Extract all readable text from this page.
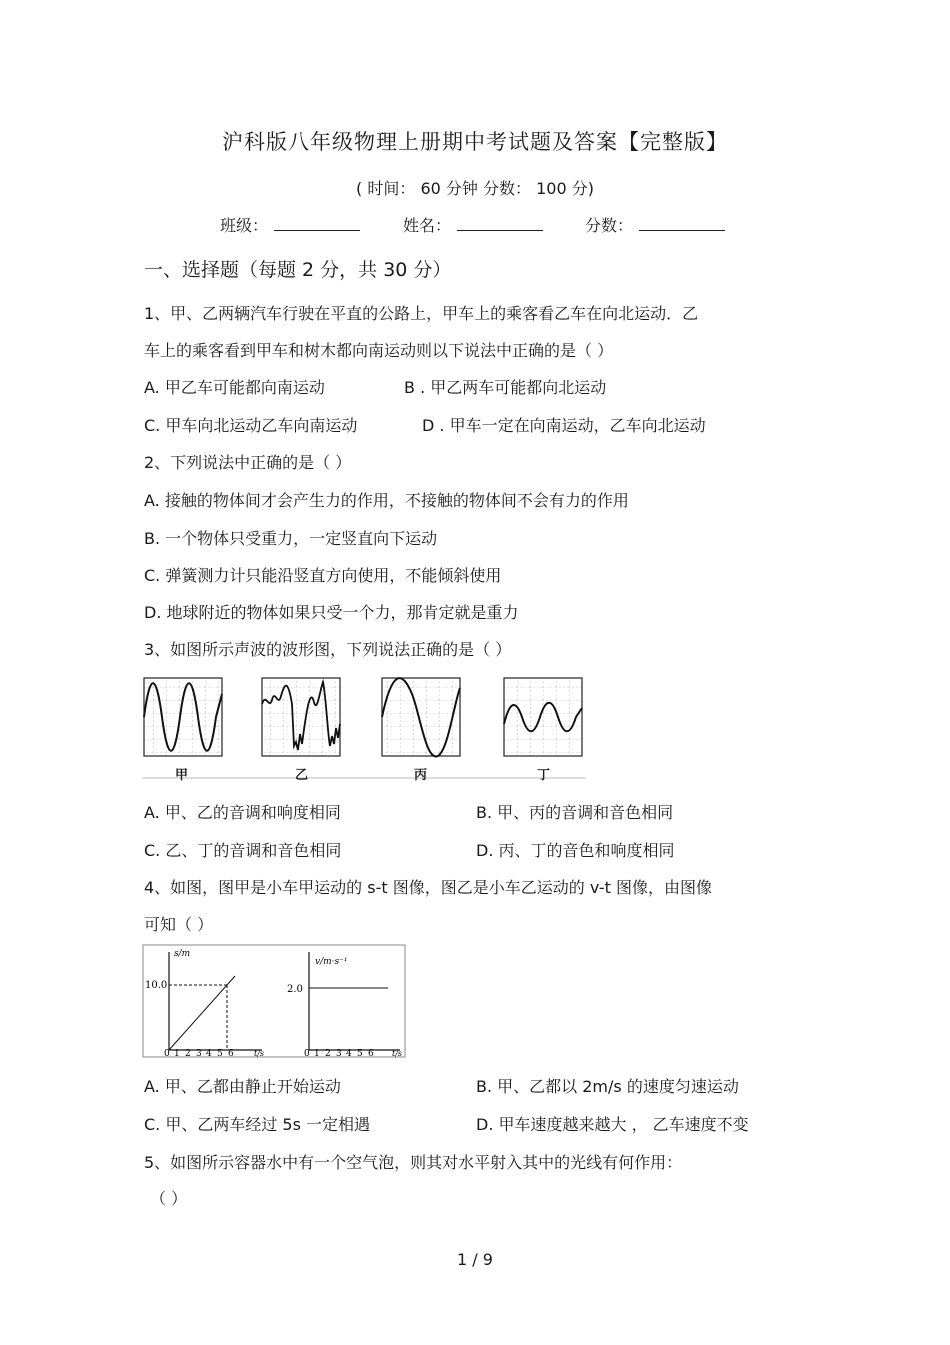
沪科版八年级物理上册期中考试题及答案【完整版】
( 时间： 60 分钟 分数： 100 分)
班级：	姓名：	分数：
一、选择题（每题 2 分，共 30 分）
1、甲、乙两辆汽车行驶在平直的公路上，甲车上的乘客看乙车在向北运动．乙
车上的乘客看到甲车和树木都向南运动则以下说法中正确的是（ ）
A. 甲乙车可能都向南运动	B . 甲乙两车可能都向北运动
C. 甲车向北运动乙车向南运动	D . 甲车一定在向南运动，乙车向北运动
2、下列说法中正确的是（ ）
A. 接触的物体间才会产生力的作用，不接触的物体间不会有力的作用
B. 一个物体只受重力，一定竖直向下运动
C. 弹簧测力计只能沿竖直方向使用，不能倾斜使用
D. 地球附近的物体如果只受一个力，那肯定就是重力
3、如图所示声波的波形图，下列说法正确的是（ ）
甲	乙	丙	丁
A. 甲、乙的音调和响度相同	B. 甲、丙的音调和音色相同
C. 乙、丁的音调和音色相同	D. 丙、丁的音色和响度相同
4、如图，图甲是小车甲运动的 s-t 图像，图乙是小车乙运动的 v-t 图像，由图像
可知（ ）
s/m
10.0
t/s
0 1 2 3 4 5 6
v/m·s⁻¹
2.0
t/s
0 1 2 3 4 5 6
A. 甲、乙都由静止开始运动	B. 甲、乙都以 2m/s 的速度匀速运动
C. 甲、乙两车经过 5s 一定相遇	D. 甲车速度越来越大 ， 乙车速度不变
5、如图所示容器水中有一个空气泡，则其对水平射入其中的光线有何作用：
（ ）
1 / 9
